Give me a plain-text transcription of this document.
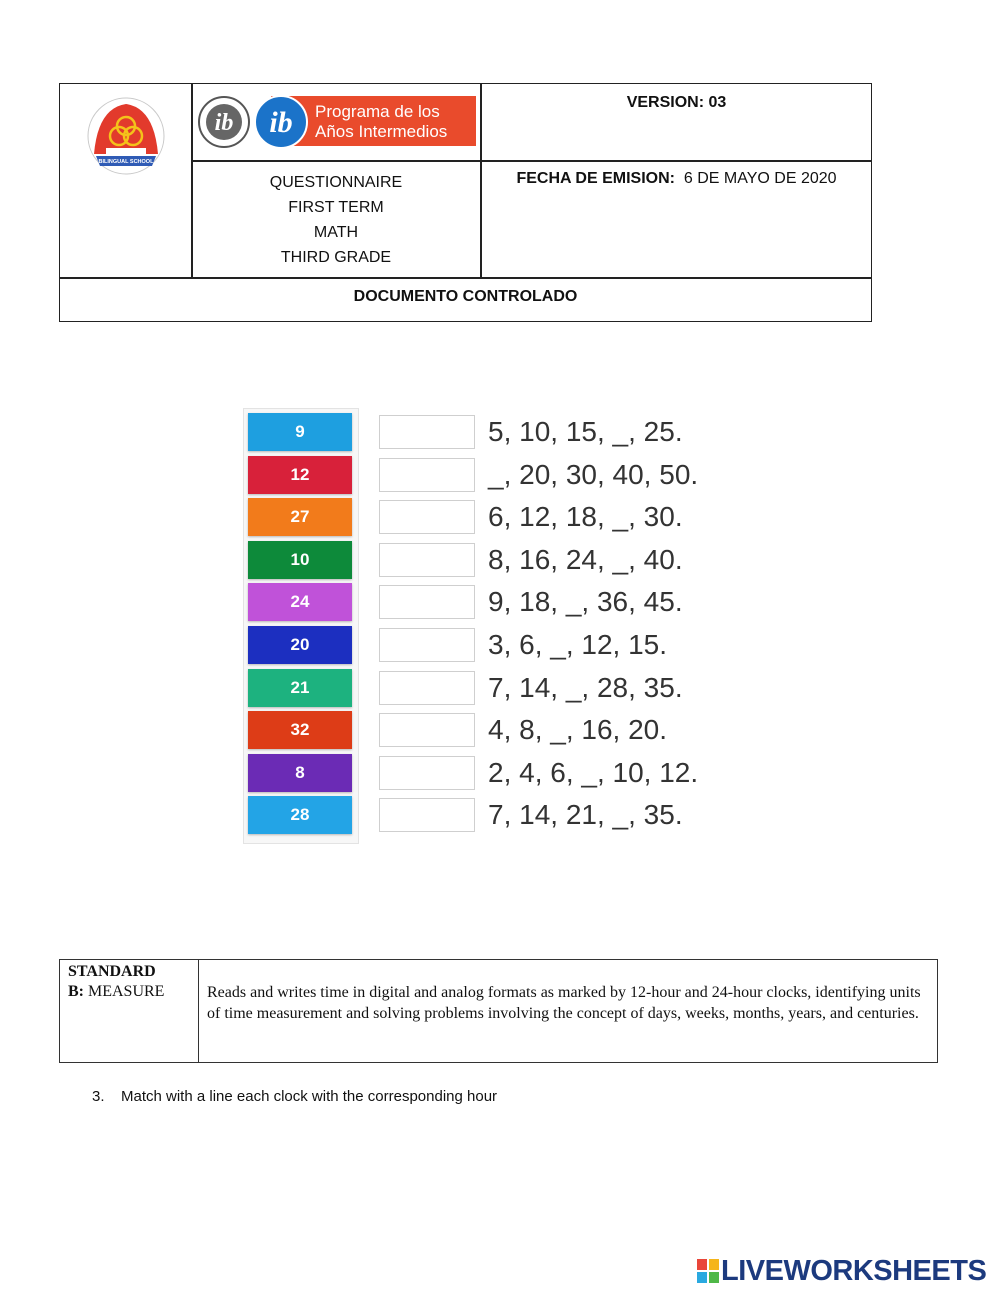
BILINGUAL SCHOOL
ib ib Programa de los
Años Intermedios
VERSION: 03
QUESTIONNAIRE
FIRST TERM
MATH
THIRD GRADE
FECHA DE EMISION: 6 DE MAYO DE 2020
DOCUMENTO CONTROLADO
9	5, 10, 15, _, 25.
12	_, 20, 30, 40, 50.
27	6, 12, 18, _, 30.
10	8, 16, 24, _, 40.
24	9, 18, _, 36, 45.
20	3, 6, _, 12, 15.
21	7, 14, _, 28, 35.
32	4, 8, _, 16, 20.
8	2, 4, 6, _, 10, 12.
28	7, 14, 21, _, 35.
STANDARD
B: MEASURE	Reads and writes time in digital and analog formats as marked by 12-hour and 24-hour clocks, identifying units of time measurement and solving problems involving the concept of days, weeks, months, years, and centuries.
3. Match with a line each clock with the corresponding hour
LIVEWORKSHEETS
